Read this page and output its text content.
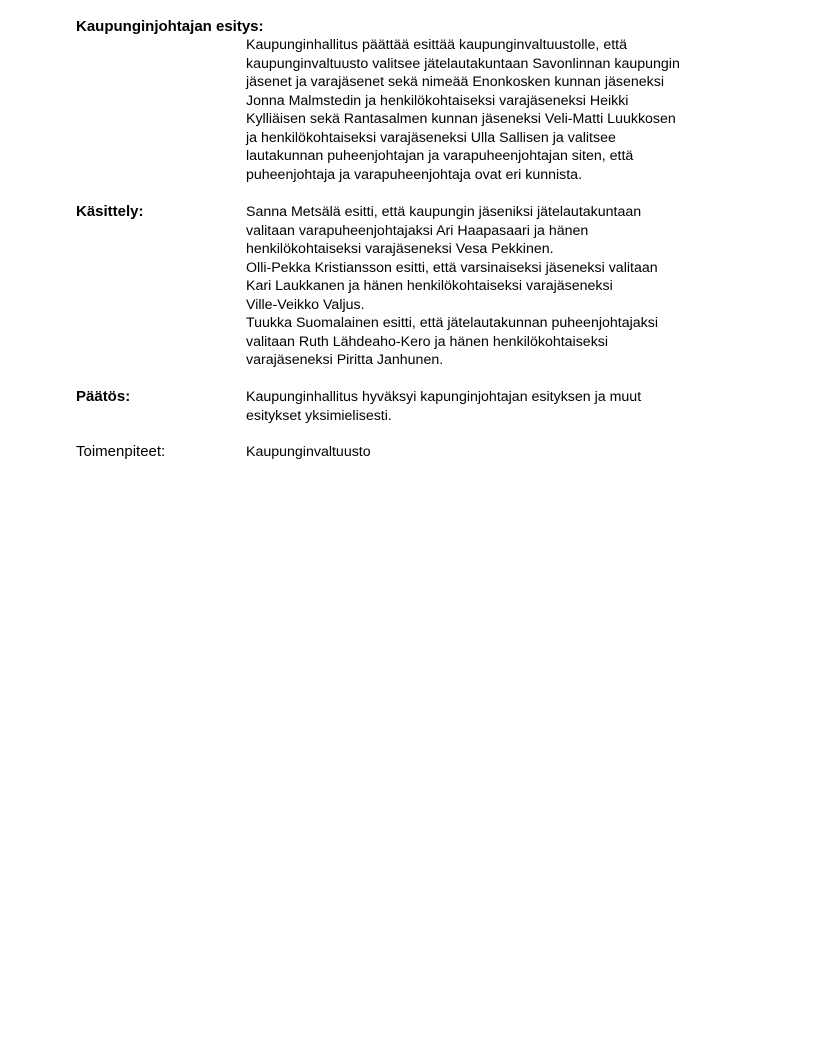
Kaupunginjohtajan esitys:
Kaupunginhallitus päättää esittää kaupunginvaltuustolle, että
kaupunginvaltuusto valitsee jätelautakuntaan Savonlinnan kaupungin
jäsenet ja varajäsenet sekä nimeää Enonkosken kunnan jäseneksi
Jonna Malmstedin ja henkilökohtaiseksi varajäseneksi Heikki
Kylliäisen sekä Rantasalmen kunnan jäseneksi Veli-Matti Luukkosen
ja henkilökohtaiseksi varajäseneksi Ulla Sallisen ja valitsee
lautakunnan puheenjohtajan ja varapuheenjohtajan siten, että
puheenjohtaja ja varapuheenjohtaja ovat eri kunnista.
Käsittely:	Sanna Metsälä esitti, että kaupungin jäseniksi jätelautakuntaan
valitaan varapuheenjohtajaksi Ari Haapasaari ja hänen
henkilökohtaiseksi varajäseneksi Vesa Pekkinen.
Olli-Pekka Kristiansson esitti, että varsinaiseksi jäseneksi valitaan
Kari Laukkanen ja hänen henkilökohtaiseksi varajäseneksi
Ville-Veikko Valjus.
Tuukka Suomalainen esitti, että jätelautakunnan puheenjohtajaksi
valitaan Ruth Lähdeaho-Kero ja hänen henkilökohtaiseksi
varajäseneksi Piritta Janhunen.
Päätös:	Kaupunginhallitus hyväksyi kapunginjohtajan esityksen ja muut
esitykset yksimielisesti.
Toimenpiteet:	Kaupunginvaltuusto
